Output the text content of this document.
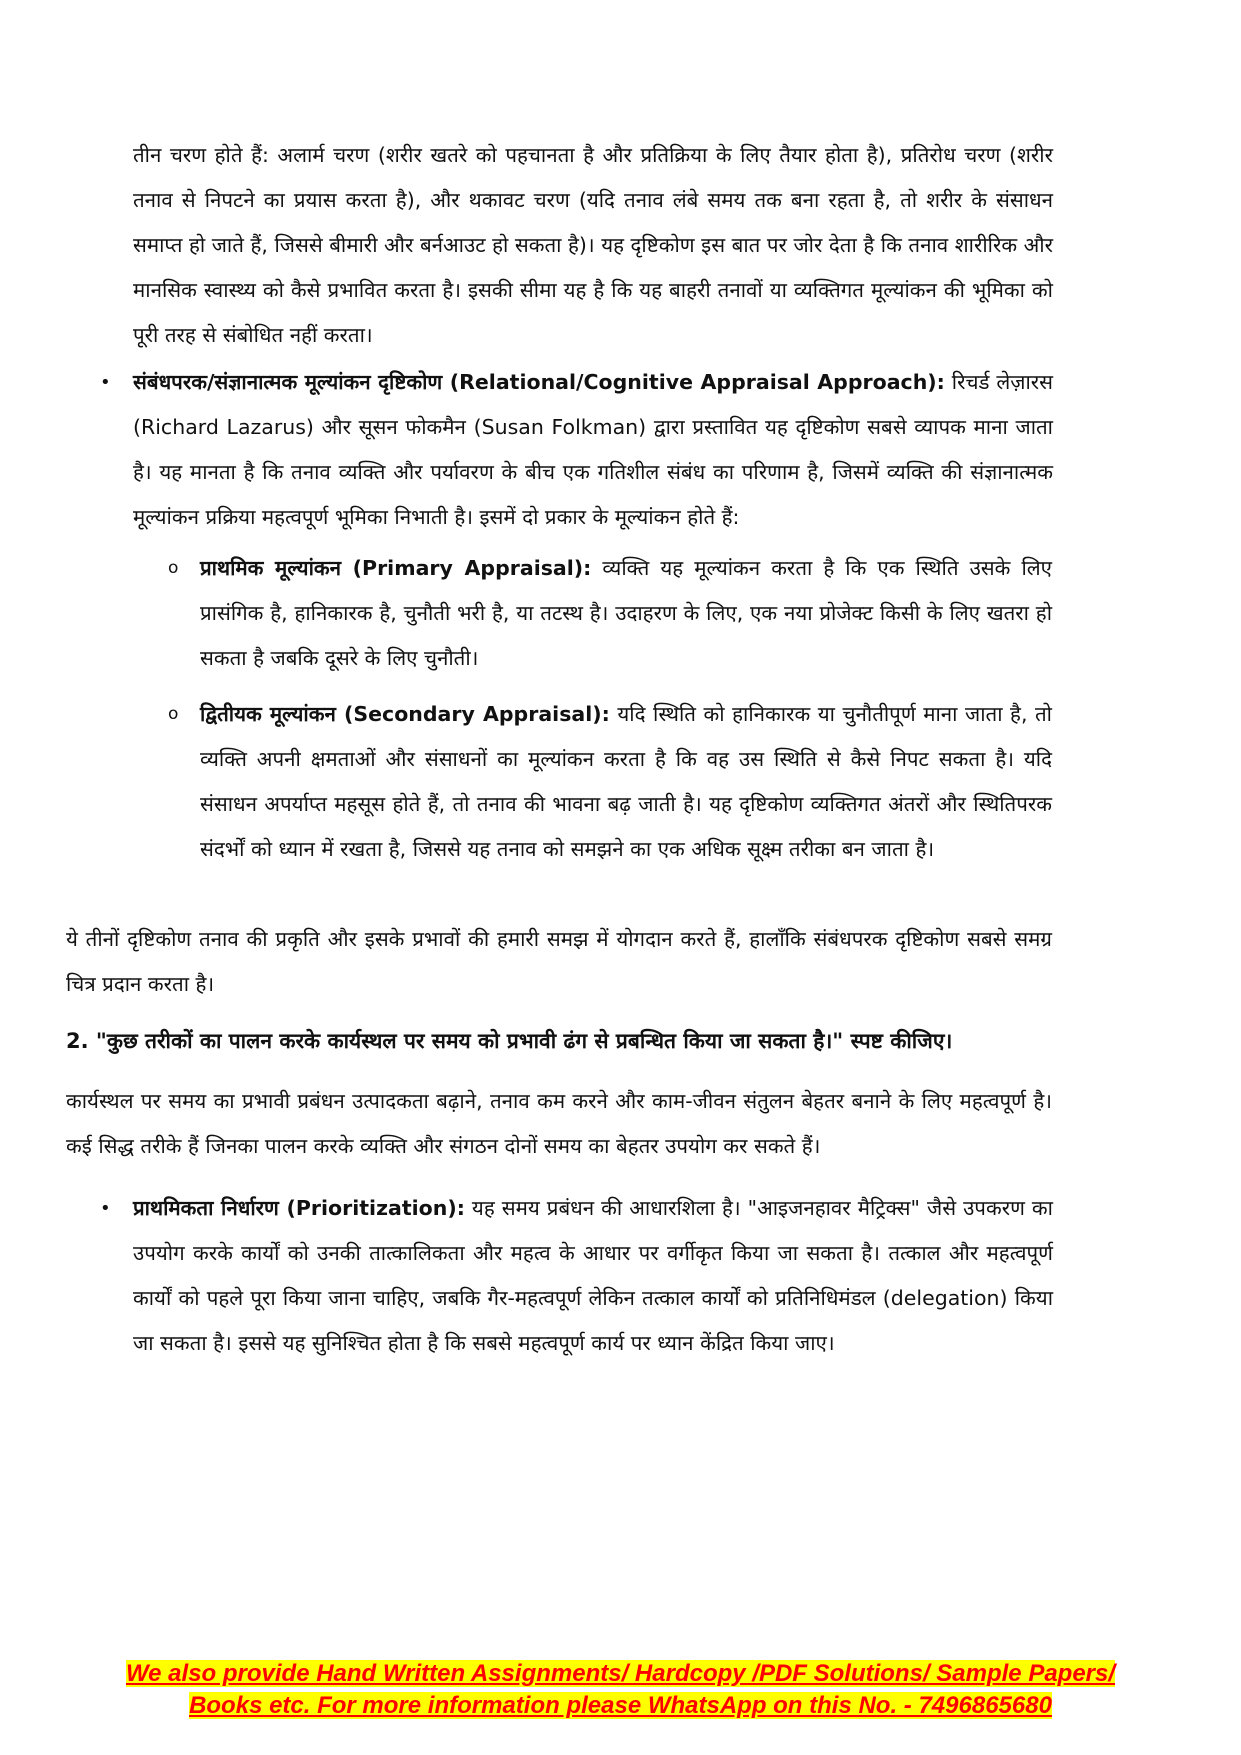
तीन चरण होते हैं: अलार्म चरण (शरीर खतरे को पहचानता है और प्रतिक्रिया के लिए तैयार होता है), प्रतिरोध चरण (शरीर तनाव से निपटने का प्रयास करता है), और थकावट चरण (यदि तनाव लंबे समय तक बना रहता है, तो शरीर के संसाधन समाप्त हो जाते हैं, जिससे बीमारी और बर्नआउट हो सकता है)। यह दृष्टिकोण इस बात पर जोर देता है कि तनाव शारीरिक और मानसिक स्वास्थ्य को कैसे प्रभावित करता है। इसकी सीमा यह है कि यह बाहरी तनावों या व्यक्तिगत मूल्यांकन की भूमिका को पूरी तरह से संबोधित नहीं करता।

• संबंधपरक/संज्ञानात्मक मूल्यांकन दृष्टिकोण (Relational/Cognitive Appraisal Approach): रिचर्ड लेज़ारस (Richard Lazarus) और सूसन फोकमैन (Susan Folkman) द्वारा प्रस्तावित यह दृष्टिकोण सबसे व्यापक माना जाता है। यह मानता है कि तनाव व्यक्ति और पर्यावरण के बीच एक गतिशील संबंध का परिणाम है, जिसमें व्यक्ति की संज्ञानात्मक मूल्यांकन प्रक्रिया महत्वपूर्ण भूमिका निभाती है। इसमें दो प्रकार के मूल्यांकन होते हैं:

o प्राथमिक मूल्यांकन (Primary Appraisal): व्यक्ति यह मूल्यांकन करता है कि एक स्थिति उसके लिए प्रासंगिक है, हानिकारक है, चुनौती भरी है, या तटस्थ है। उदाहरण के लिए, एक नया प्रोजेक्ट किसी के लिए खतरा हो सकता है जबकि दूसरे के लिए चुनौती।

o द्वितीयक मूल्यांकन (Secondary Appraisal): यदि स्थिति को हानिकारक या चुनौतीपूर्ण माना जाता है, तो व्यक्ति अपनी क्षमताओं और संसाधनों का मूल्यांकन करता है कि वह उस स्थिति से कैसे निपट सकता है। यदि संसाधन अपर्याप्त महसूस होते हैं, तो तनाव की भावना बढ़ जाती है। यह दृष्टिकोण व्यक्तिगत अंतरों और स्थितिपरक संदर्भों को ध्यान में रखता है, जिससे यह तनाव को समझने का एक अधिक सूक्ष्म तरीका बन जाता है।

ये तीनों दृष्टिकोण तनाव की प्रकृति और इसके प्रभावों की हमारी समझ में योगदान करते हैं, हालाँकि संबंधपरक दृष्टिकोण सबसे समग्र चित्र प्रदान करता है।

2. "कुछ तरीकों का पालन करके कार्यस्थल पर समय को प्रभावी ढंग से प्रबन्धित किया जा सकता है।" स्पष्ट कीजिए।

कार्यस्थल पर समय का प्रभावी प्रबंधन उत्पादकता बढ़ाने, तनाव कम करने और काम-जीवन संतुलन बेहतर बनाने के लिए महत्वपूर्ण है। कई सिद्ध तरीके हैं जिनका पालन करके व्यक्ति और संगठन दोनों समय का बेहतर उपयोग कर सकते हैं।

• प्राथमिकता निर्धारण (Prioritization): यह समय प्रबंधन की आधारशिला है। "आइजनहावर मैट्रिक्स" जैसे उपकरण का उपयोग करके कार्यों को उनकी तात्कालिकता और महत्व के आधार पर वर्गीकृत किया जा सकता है। तत्काल और महत्वपूर्ण कार्यों को पहले पूरा किया जाना चाहिए, जबकि गैर-महत्वपूर्ण लेकिन तत्काल कार्यों को प्रतिनिधिमंडल (delegation) किया जा सकता है। इससे यह सुनिश्चित होता है कि सबसे महत्वपूर्ण कार्य पर ध्यान केंद्रित किया जाए।

We also provide Hand Written Assignments/ Hardcopy /PDF Solutions/ Sample Papers/
Books etc. For more information please WhatsApp on this No. - 7496865680
